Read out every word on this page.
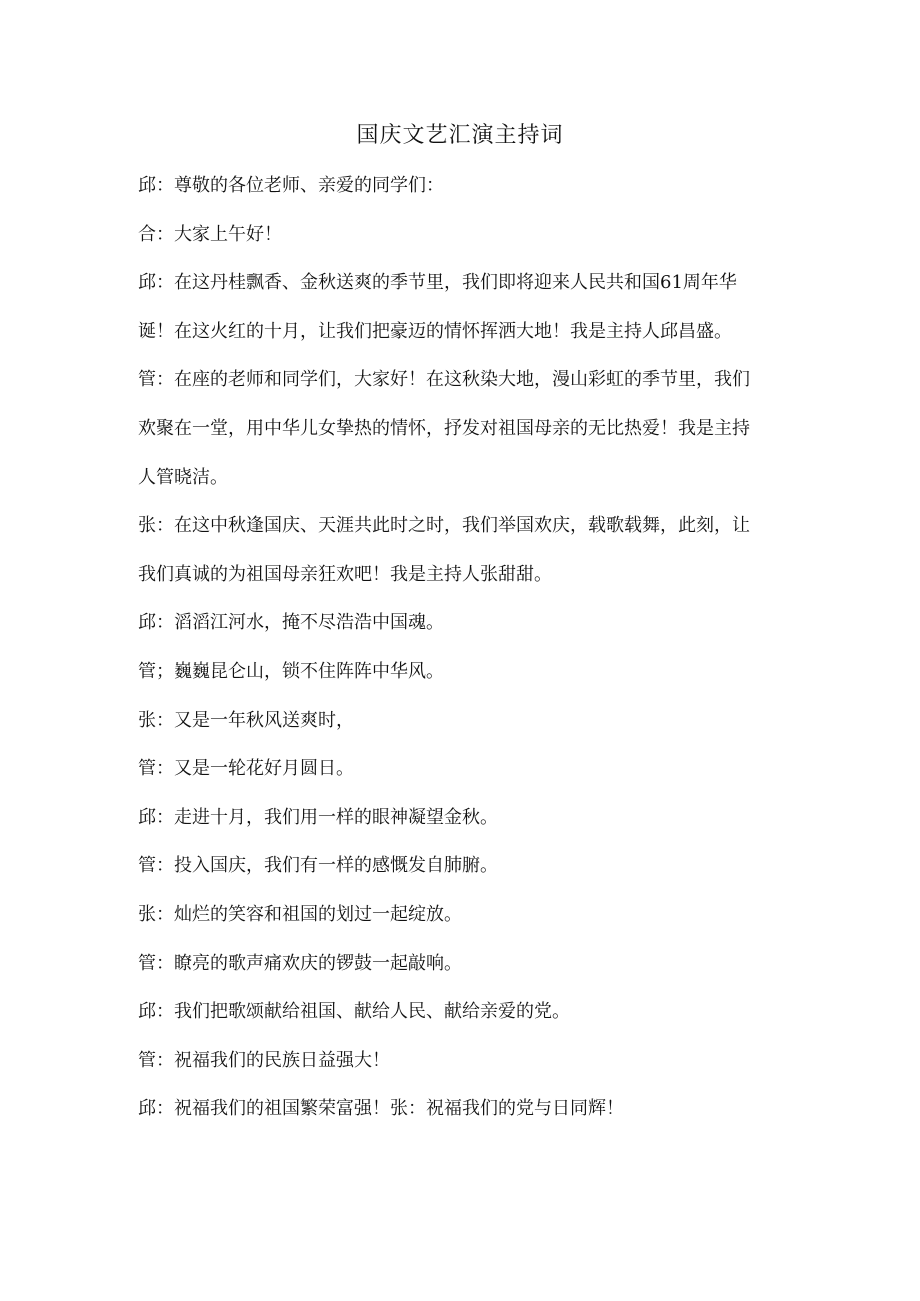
国庆文艺汇演主持词

邱：尊敬的各位老师、亲爱的同学们：

合：大家上午好！

邱：在这丹桂飘香、金秋送爽的季节里，我们即将迎来人民共和国61周年华

诞！在这火红的十月，让我们把豪迈的情怀挥洒大地！我是主持人邱昌盛。

管：在座的老师和同学们，大家好！在这秋染大地，漫山彩虹的季节里，我们

欢聚在一堂，用中华儿女挚热的情怀，抒发对祖国母亲的无比热爱！我是主持

人管晓洁。

张：在这中秋逢国庆、天涯共此时之时，我们举国欢庆，载歌载舞，此刻，让

我们真诚的为祖国母亲狂欢吧！我是主持人张甜甜。

邱：滔滔江河水，掩不尽浩浩中国魂。

管；巍巍昆仑山，锁不住阵阵中华风。

张：又是一年秋风送爽时，

管：又是一轮花好月圆日。

邱：走进十月，我们用一样的眼神凝望金秋。

管：投入国庆，我们有一样的感慨发自肺腑。

张：灿烂的笑容和祖国的划过一起绽放。

管：瞭亮的歌声痛欢庆的锣鼓一起敲响。

邱：我们把歌颂献给祖国、献给人民、献给亲爱的党。

管：祝福我们的民族日益强大！

邱：祝福我们的祖国繁荣富强！张：祝福我们的党与日同辉！
